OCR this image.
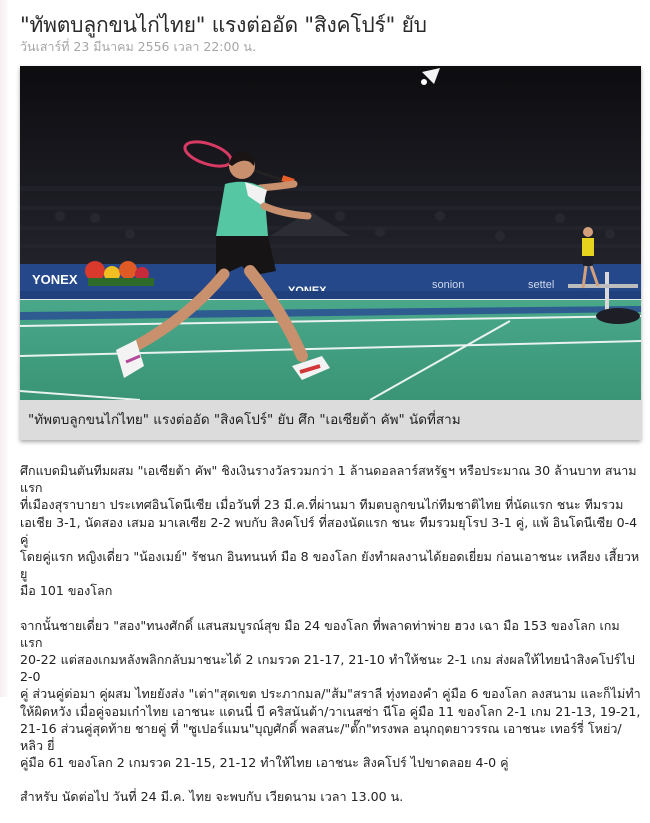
"ทัพตบลูกขนไก่ไทย" แรงต่ออัด "สิงคโปร์" ยับ
วันเสาร์ที่ 23 มีนาคม 2556 เวลา 22:00 น.
YONEX	sonion	settel
"ทัพตบลูกขนไก่ไทย" แรงต่ออัด "สิงคโปร์" ยับ ศึก "เอเซียต้า คัพ" นัดที่สาม

ศึกแบดมินตันทีมผสม "เอเซียต้า คัพ" ชิงเงินรางวัลรวมกว่า 1 ล้านดอลลาร์สหรัฐฯ หรือประมาณ 30 ล้านบาท สนามแรก
ที่เมืองสุราบายา ประเทศอินโดนีเซีย เมื่อวันที่ 23 มี.ค.ที่ผ่านมา ทีมตบลูกขนไก่ทีมชาติไทย ที่นัดแรก ชนะ ทีมรวม
เอเชีย 3-1, นัดสอง เสมอ มาเลเซีย 2-2 พบกับ สิงคโปร์ ที่สองนัดแรก ชนะ ทีมรวมยุโรป 3-1 คู่, แพ้ อินโดนีเซีย 0-4 คู่
โดยคู่แรก หญิงเดี่ยว "น้องเมย์" รัชนก อินทนนท์ มือ 8 ของโลก ยังทำผลงานได้ยอดเยี่ยม ก่อนเอาชนะ เหลียง เสี้ยวหยู
มือ 101 ของโลก

จากนั้นชายเดี่ยว "สอง"ทนงศักดิ์ แสนสมบูรณ์สุข มือ 24 ของโลก ที่พลาดท่าพ่าย ฮวง เฉา มือ 153 ของโลก เกมแรก
20-22 แต่สองเกมหลังพลิกกลับมาชนะได้ 2 เกมรวด 21-17, 21-10 ทำให้ชนะ 2-1 เกม ส่งผลให้ไทยนำสิงคโปร์ไป 2-0
คู่ ส่วนคู่ต่อมา คู่ผสม ไทยยังส่ง "เต่า"สุดเขต ประภากมล/"ส้ม"สราลี ทุ่งทองคำ คู่มือ 6 ของโลก ลงสนาม และก็ไม่ทำ
ให้ผิดหวัง เมื่อคู่จอมเก๋าไทย เอาชนะ แดนนี่ บี คริสนันต้า/วาเนสซ่า นีโอ คู่มือ 11 ของโลก 2-1 เกม 21-13, 19-21,
21-16 ส่วนคู่สุดท้าย ชายคู่ ที่ "ซูเปอร์แมน"บุญศักดิ์ พลสนะ/"ตั๊ก"ทรงพล อนุกฤตยาวรรณ เอาชนะ เทอร์รี่ โหย่ว/หลิว ยี่
คู่มือ 61 ของโลก 2 เกมรวด 21-15, 21-12 ทำให้ไทย เอาชนะ สิงคโปร์ ไปขาดลอย 4-0 คู่

สำหรับ นัดต่อไป วันที่ 24 มี.ค. ไทย จะพบกับ เวียดนาม เวลา 13.00 น.
